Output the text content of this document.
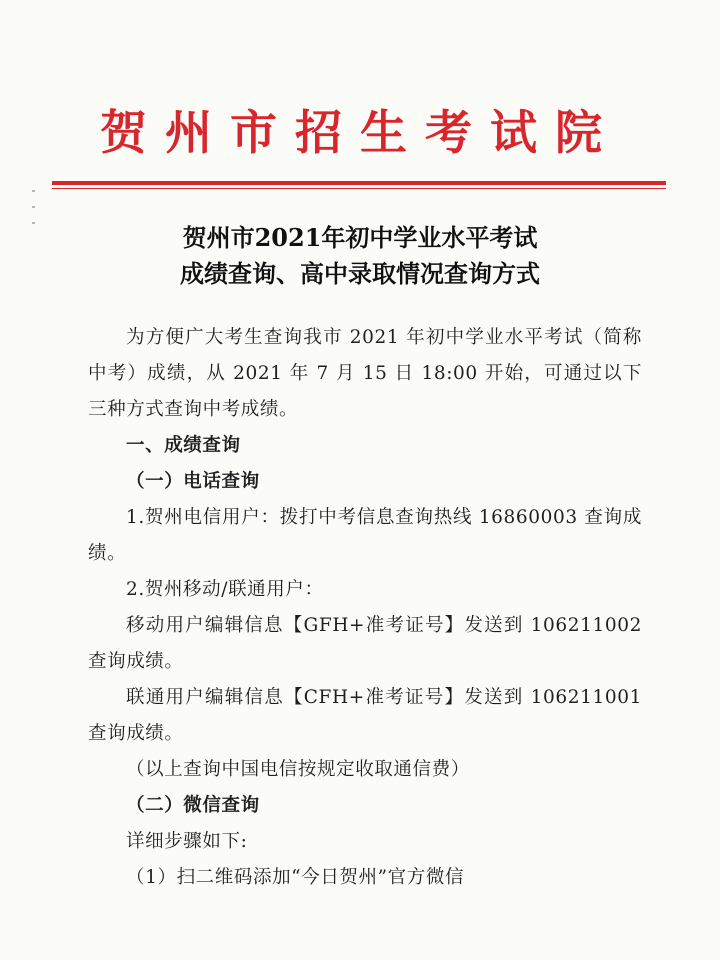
贺州市招生考试院
贺州市2021年初中学业水平考试
成绩查询、高中录取情况查询方式

为方便广大考生查询我市 2021 年初中学业水平考试（简称中考）成绩，从 2021 年 7 月 15 日 18:00 开始，可通过以下三种方式查询中考成绩。

一、成绩查询

（一）电话查询

1.贺州电信用户：拨打中考信息查询热线 16860003 查询成绩。

2.贺州移动/联通用户：

移动用户编辑信息【GFH+准考证号】发送到 106211002 查询成绩。

联通用户编辑信息【CFH+准考证号】发送到 106211001 查询成绩。

（以上查询中国电信按规定收取通信费）

（二）微信查询

详细步骤如下:

（1）扫二维码添加“今日贺州”官方微信
